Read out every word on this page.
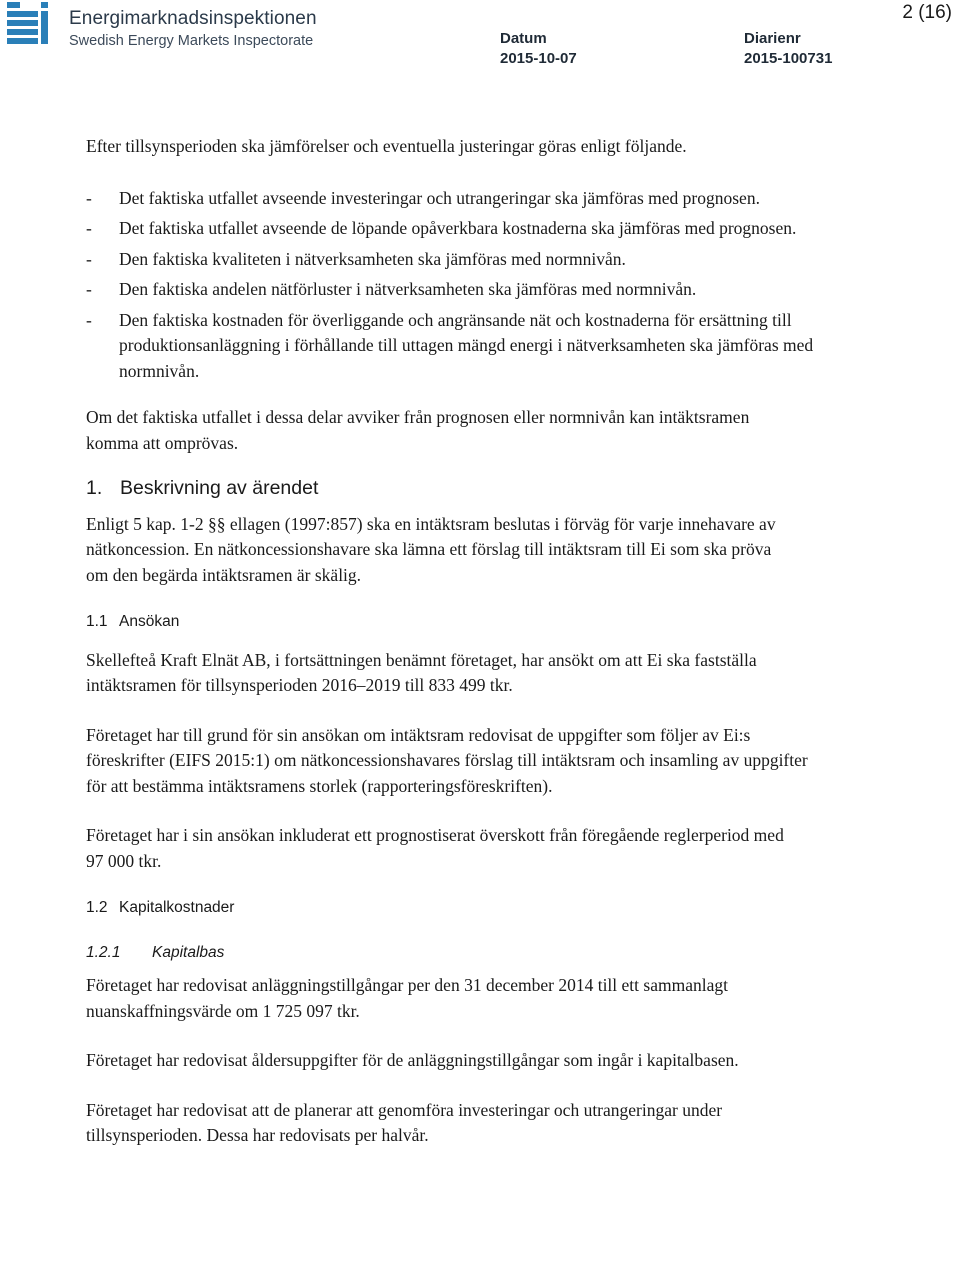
Energimarknadsinspektionen
Swedish Energy Markets Inspectorate	Datum
2015-10-07
Diarienr
2015-100731
2 (16)

Efter tillsynsperioden ska jämförelser och eventuella justeringar göras enligt följande.

- Det faktiska utfallet avseende investeringar och utrangeringar ska jämföras med prognosen.
- Det faktiska utfallet avseende de löpande opåverkbara kostnaderna ska jämföras med prognosen.
- Den faktiska kvaliteten i nätverksamheten ska jämföras med normnivån.
- Den faktiska andelen nätförluster i nätverksamheten ska jämföras med normnivån.
- Den faktiska kostnaden för överliggande och angränsande nät och kostnaderna för ersättning till produktionsanläggning i förhållande till uttagen mängd energi i nätverksamheten ska jämföras med normnivån.

Om det faktiska utfallet i dessa delar avviker från prognosen eller normnivån kan intäktsramen komma att omprövas.

1. Beskrivning av ärendet

Enligt 5 kap. 1-2 §§ ellagen (1997:857) ska en intäktsram beslutas i förväg för varje innehavare av nätkoncession. En nätkoncessionshavare ska lämna ett förslag till intäktsram till Ei som ska pröva om den begärda intäktsramen är skälig.

1.1 Ansökan

Skellefteå Kraft Elnät AB, i fortsättningen benämnt företaget, har ansökt om att Ei ska fastställa intäktsramen för tillsynsperioden 2016–2019 till 833 499 tkr.

Företaget har till grund för sin ansökan om intäktsram redovisat de uppgifter som följer av Ei:s föreskrifter (EIFS 2015:1) om nätkoncessionshavares förslag till intäktsram och insamling av uppgifter för att bestämma intäktsramens storlek (rapporteringsföreskriften).

Företaget har i sin ansökan inkluderat ett prognostiserat överskott från föregående reglerperiod med 97 000 tkr.

1.2 Kapitalkostnader
1.2.1 Kapitalbas

Företaget har redovisat anläggningstillgångar per den 31 december 2014 till ett sammanlagt nuanskaffningsvärde om 1 725 097 tkr.

Företaget har redovisat åldersuppgifter för de anläggningstillgångar som ingår i kapitalbasen.

Företaget har redovisat att de planerar att genomföra investeringar och utrangeringar under tillsynsperioden. Dessa har redovisats per halvår.
